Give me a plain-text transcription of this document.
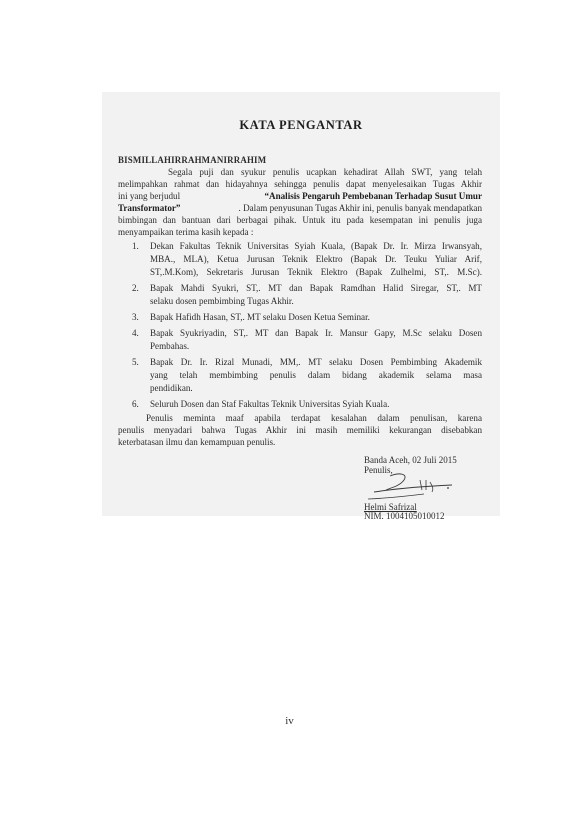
KATA PENGANTAR
BISMILLAHIRRAHMANIRRAHIM
Segala puji dan syukur penulis ucapkan kehadirat Allah SWT, yang telah
melimpahkan rahmat dan hidayahnya sehingga penulis dapat menyelesaikan Tugas Akhir
ini yang berjudul	“Analisis Pengaruh Pembebanan Terhadap Susut Umur
Transformator”	. Dalam penyusunan Tugas Akhir ini, penulis banyak mendapatkan
bimbingan dan bantuan dari berbagai pihak. Untuk itu pada kesempatan ini penulis juga
menyampaikan terima kasih kepada :
1. Dekan Fakultas Teknik Universitas Syiah Kuala, (Bapak Dr. Ir. Mirza Irwansyah,
MBA., MLA), Ketua Jurusan Teknik Elektro (Bapak Dr. Teuku Yuliar Arif,
ST,.M.Kom), Sekretaris Jurusan Teknik Elektro (Bapak Zulhelmi, ST,. M.Sc).
2. Bapak Mahdi Syukri, ST,. MT dan Bapak Ramdhan Halid Siregar, ST,. MT
selaku dosen pembimbing Tugas Akhir.
3. Bapak Hafidh Hasan, ST,. MT selaku Dosen Ketua Seminar.
4. Bapak Syukriyadin, ST,. MT dan Bapak Ir. Mansur Gapy, M.Sc selaku Dosen
Pembahas.
5. Bapak Dr. Ir. Rizal Munadi, MM,. MT selaku Dosen Pembimbing Akademik
yang telah membimbing penulis dalam bidang akademik selama masa
pendidikan.
6. Seluruh Dosen dan Staf Fakultas Teknik Universitas Syiah Kuala.
Penulis meminta maaf apabila terdapat kesalahan dalam penulisan, karena
penulis menyadari bahwa Tugas Akhir ini masih memiliki kekurangan disebabkan
keterbatasan ilmu dan kemampuan penulis.
Banda Aceh, 02 Juli 2015
Penulis,
Helmi Safrizal
NIM. 1004105010012
iv
